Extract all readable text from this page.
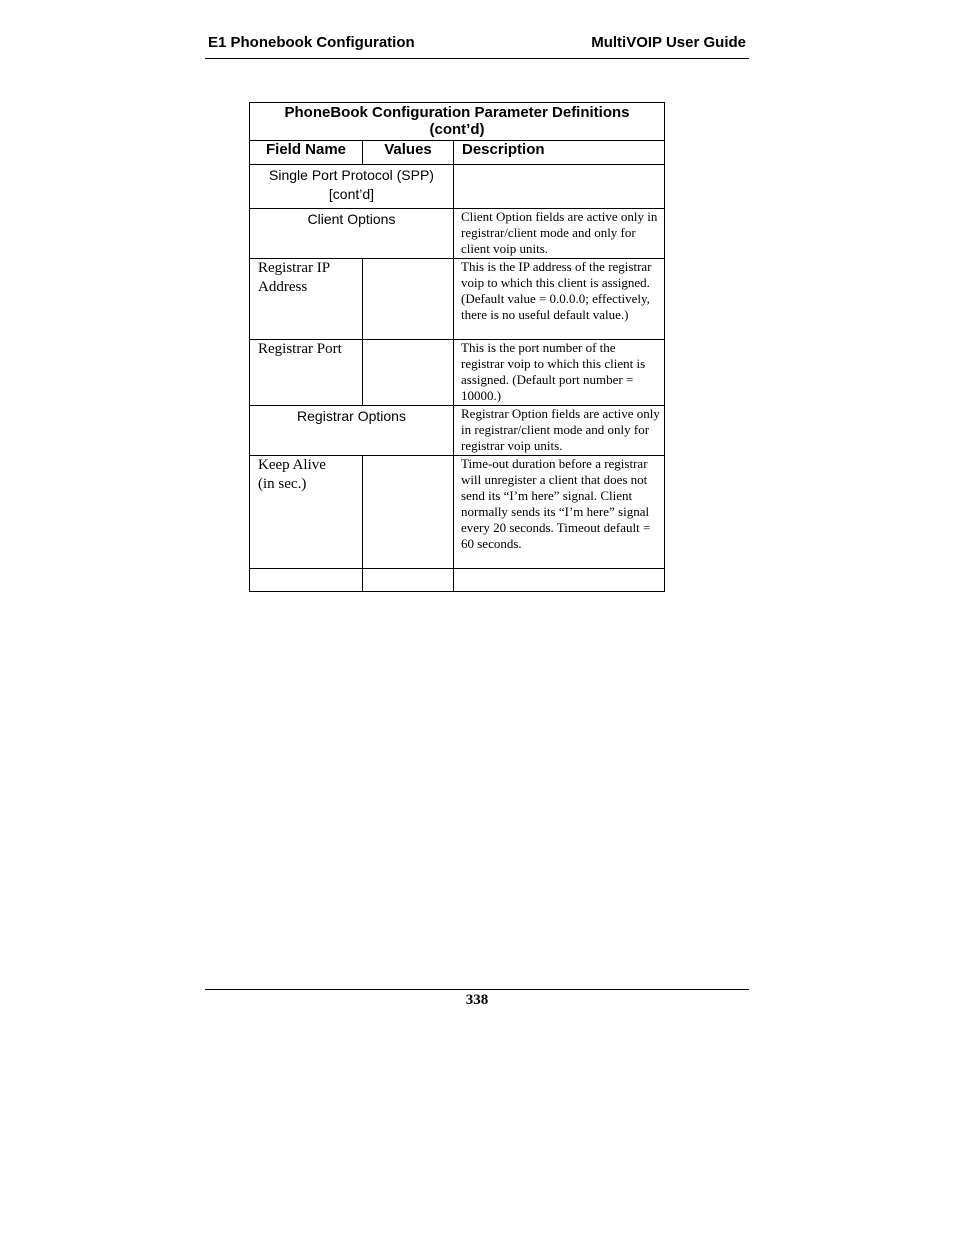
E1 Phonebook Configuration	MultiVOIP User Guide
PhoneBook Configuration Parameter Definitions
(cont’d)		

Field Name	Values	Description

Single Port Protocol (SPP)
[cont’d]		

Client Options		Client Option fields are active only in registrar/client mode and only for client voip units.

Registrar IP
Address		This is the IP address of the registrar voip to which this client is assigned. (Default value = 0.0.0.0; effectively, there is no useful default value.)
Registrar Port		This is the port number of the registrar voip to which this client is assigned. (Default port number = 10000.)
Registrar Options		Registrar Option fields are active only in registrar/client mode and only for registrar voip units.

Keep Alive
(in sec.)		Time-out duration before a registrar will unregister a client that does not send its “I’m here” signal. Client normally sends its “I’m here” signal every 20 seconds. Timeout default = 60 seconds.

338
